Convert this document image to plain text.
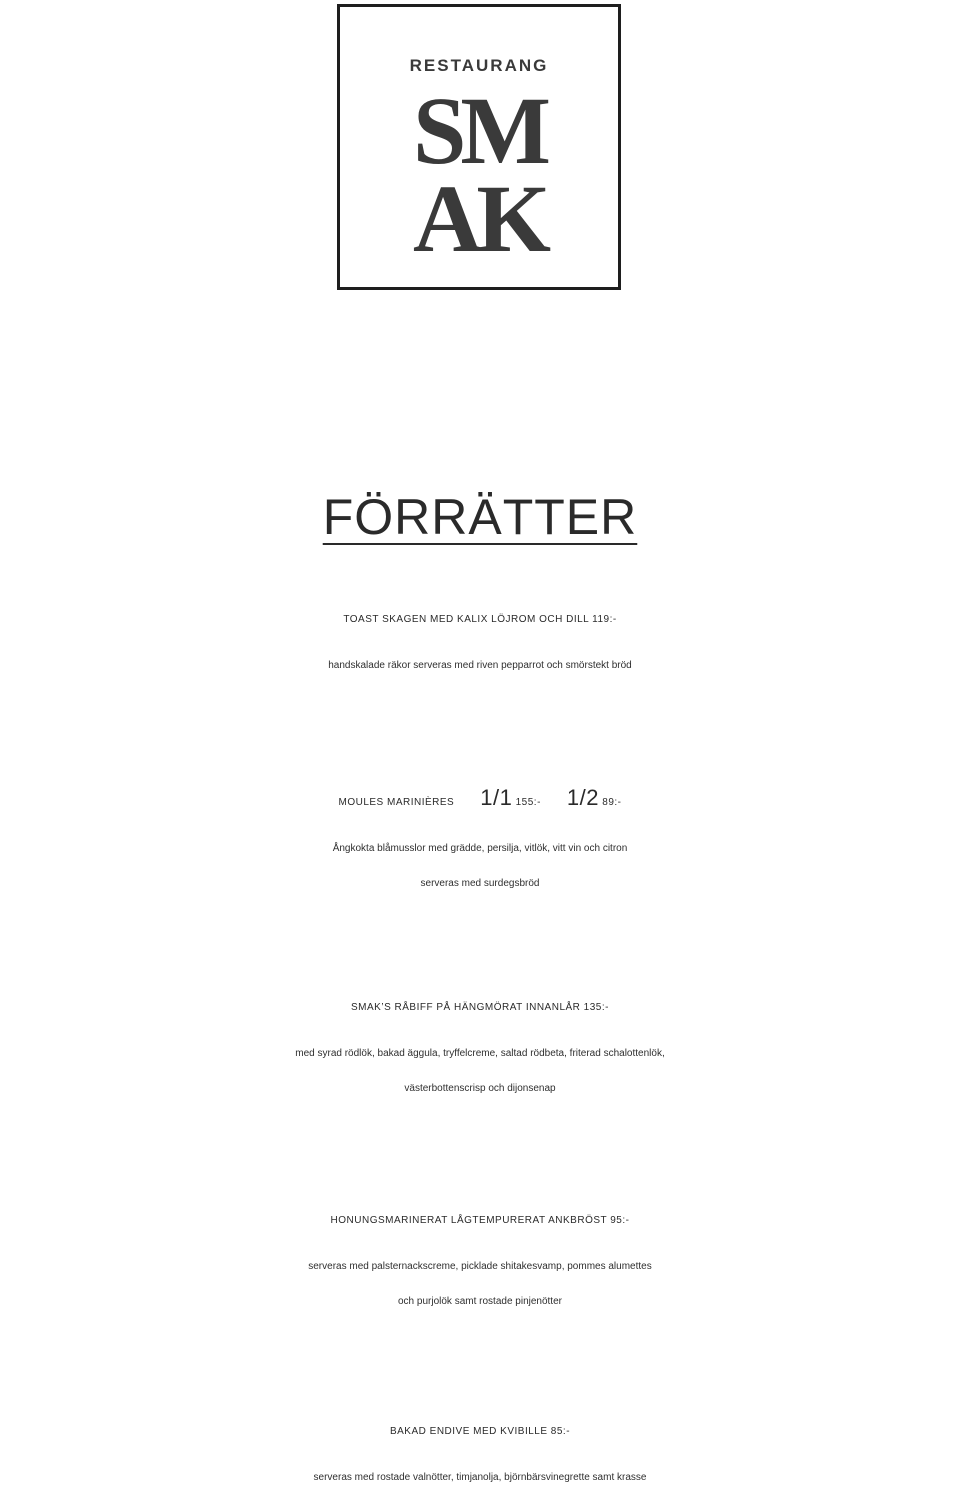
RESTAURANG
SM
AK
FÖRRÄTTER
TOAST SKAGEN MED KALIX LÖJROM OCH DILL 119:-
handskalade räkor serveras med riven pepparrot och smörstekt bröd
MOULES MARINIÈRES 1/1 155:- 1/2 89:-
Ångkokta blåmusslor med grädde, persilja, vitlök, vitt vin och citron
serveras med surdegsbröd
SMAK’S RÅBIFF PÅ HÄNGMÖRAT INNANLÅR 135:-
med syrad rödlök, bakad äggula, tryffelcreme, saltad rödbeta, friterad schalottenlök,
västerbottenscrisp och dijonsenap
HONUNGSMARINERAT LÅGTEMPURERAT ANKBRÖST 95:-
serveras med palsternackscreme, picklade shitakesvamp, pommes alumettes
och purjolök samt rostade pinjenötter
BAKAD ENDIVE MED KVIBILLE 85:-
serveras med rostade valnötter, timjanolja, björnbärsvinegrette samt krasse
